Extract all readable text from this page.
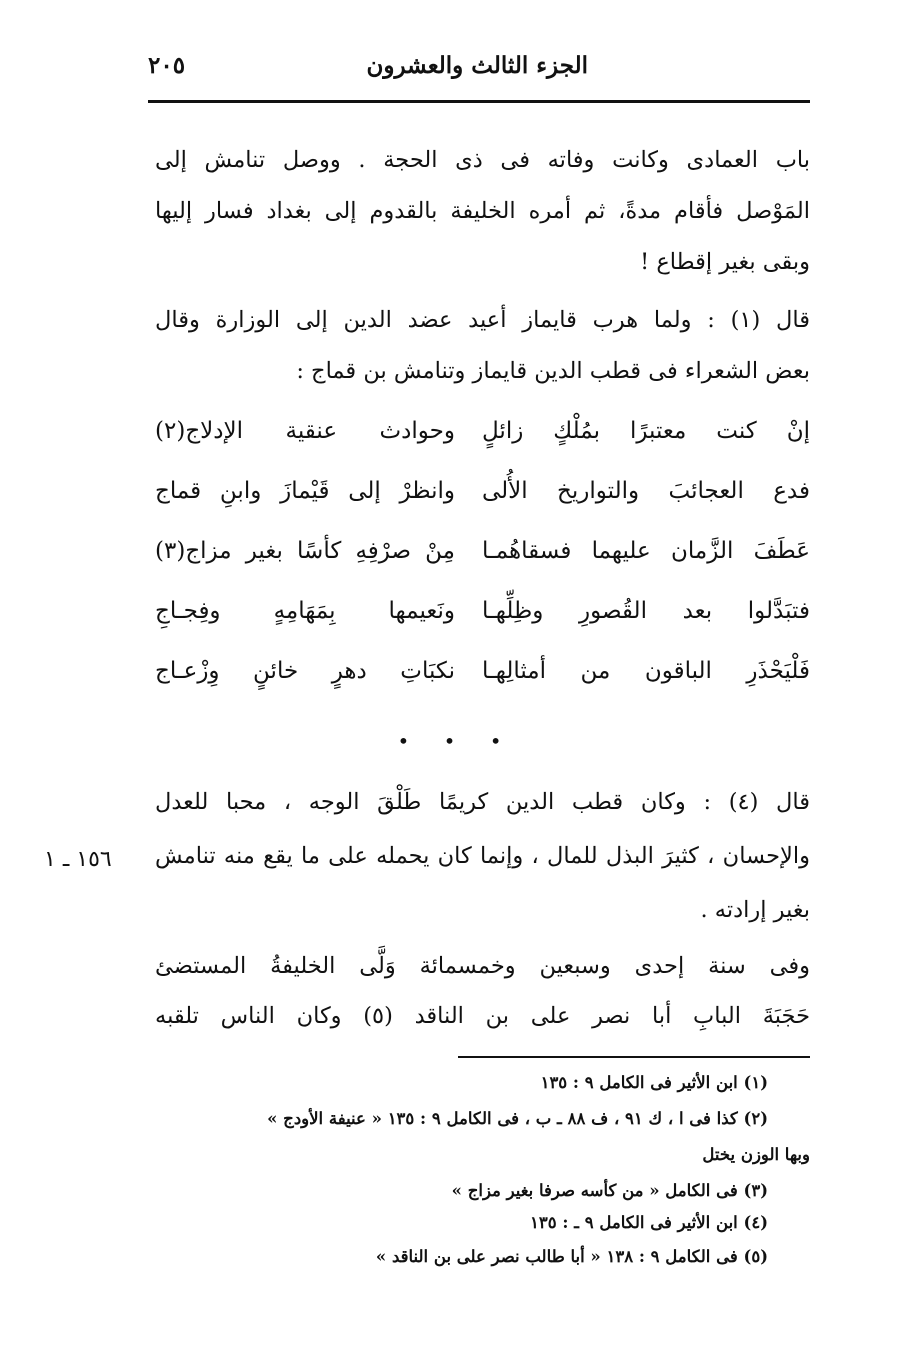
الجزء الثالث والعشرون
٢٠٥
باب العمادى وكانت وفاته فى ذى الحجة . ووصل تنامش إلى
المَوْصل فأقام مدةً، ثم أمره الخليفة بالقدوم إلى بغداد فسار إليها
وبقى بغير إقطاع !
قال (١) : ولما هرب قايماز أعيد عضد الدين إلى الوزارة وقال
بعض الشعراء فى قطب الدين قايماز وتنامش بن قماج :
إنْ كنت معتبرًا بمُلْكٍ زائلٍ
وحوادث عنقية الإدلاج(٢)
فدع العجائبَ والتواريخ الأُلى
وانظرْ إلى قَيْمازَ وابنِ قماج
عَطَفَ الزَّمان عليهما فسقاهُمـا
مِنْ صرْفِهِ كأسًا بغير مزاج(٣)
فتبَدَّلوا بعد القُصورِ وظِلِّهـا
ونَعيمها بِمَهَامِهٍ وفِجـاجِ
فَلْيَحْذَرِ الباقون من أمثالِهـا
نكبَاتِ دهرٍ خائنٍ وِزْعـاج
• • •
قال (٤) : وكان قطب الدين كريمًا طَلْقَ الوجه ، محبا للعدل
والإحسان ، كثيرَ البذل للمال ، وإنما كان يحمله على ما يقع منه تنامش
بغير إرادته .
١٥٦ ـ ١
وفى سنة إحدى وسبعين وخمسمائة وَلَّى الخليفةُ المستضئ
حَجَبَةَ البابِ أبا نصر على بن الناقد (٥) وكان الناس تلقبه
(١) ابن الأثير فى الكامل ٩ : ١٣٥
(٢) كذا فى ا ، ك ٩١ ، ف ٨٨ ـ ب ، فى الكامل ٩ : ١٣٥ « عنيفة الأودج »
وبها الوزن يختل
(٣) فى الكامل « من كأسه صرفا بغير مزاج »
(٤) ابن الأثير فى الكامل ٩ ـ : ١٣٥
(٥) فى الكامل ٩ : ١٣٨ « أبا طالب نصر على بن الناقد »
